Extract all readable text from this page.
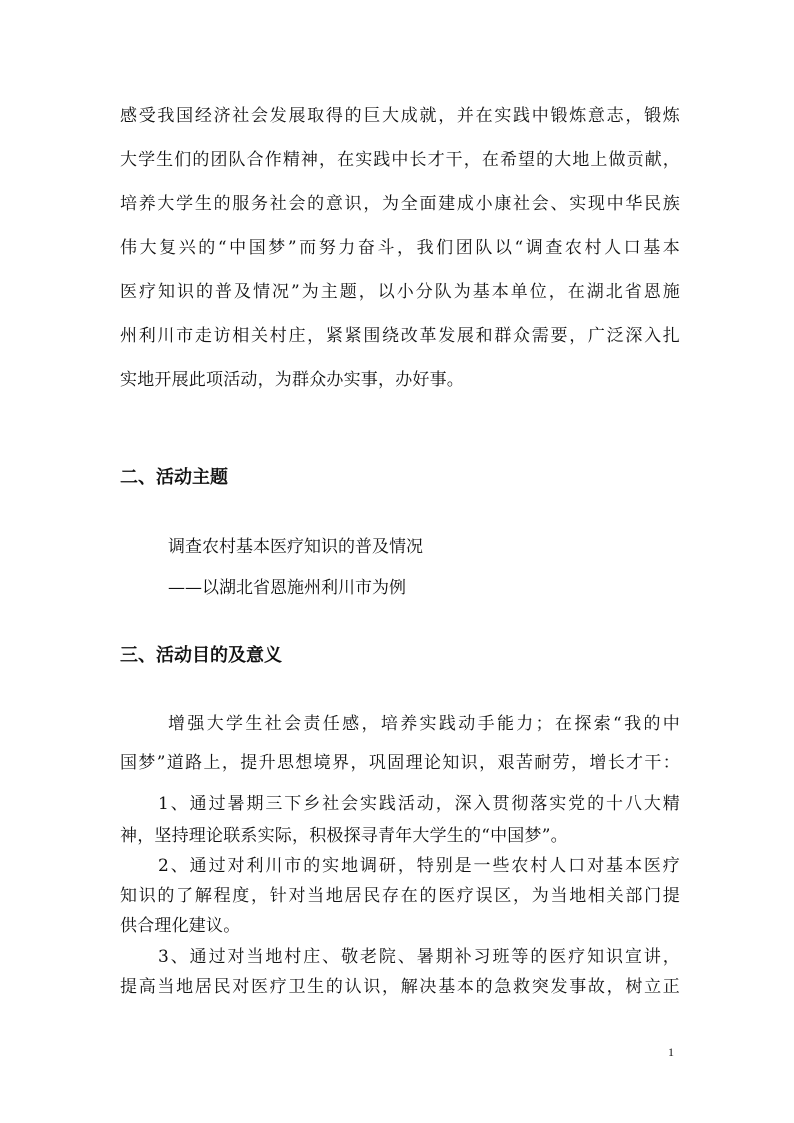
感受我国经济社会发展取得的巨大成就，并在实践中锻炼意志，锻炼
大学生们的团队合作精神，在实践中长才干，在希望的大地上做贡献，
培养大学生的服务社会的意识，为全面建成小康社会、实现中华民族
伟大复兴的“中国梦”而努力奋斗，我们团队以“调查农村人口基本
医疗知识的普及情况”为主题，以小分队为基本单位，在湖北省恩施
州利川市走访相关村庄，紧紧围绕改革发展和群众需要，广泛深入扎
实地开展此项活动，为群众办实事，办好事。
二、活动主题
调查农村基本医疗知识的普及情况
——以湖北省恩施州利川市为例
三、活动目的及意义
增强大学生社会责任感，培养实践动手能力；在探索“我的中
国梦”道路上，提升思想境界，巩固理论知识，艰苦耐劳，增长才干：
1、通过暑期三下乡社会实践活动，深入贯彻落实党的十八大精
神，坚持理论联系实际，积极探寻青年大学生的“中国梦”。
2、通过对利川市的实地调研，特别是一些农村人口对基本医疗
知识的了解程度，针对当地居民存在的医疗误区，为当地相关部门提
供合理化建议。
3、通过对当地村庄、敬老院、暑期补习班等的医疗知识宣讲，
提高当地居民对医疗卫生的认识，解决基本的急救突发事故，树立正
1
